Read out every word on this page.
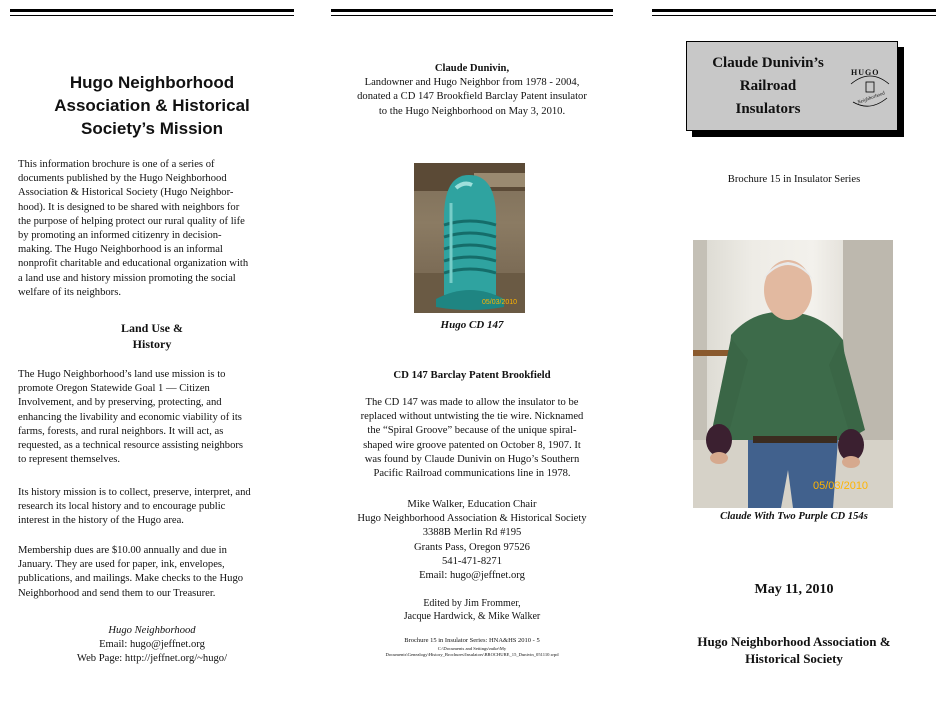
Hugo Neighborhood
Association & Historical
Society’s Mission

This information brochure is one of a series of

documents published by the Hugo Neighborhood

Association & Historical Society (Hugo Neighbor-

hood). It is designed to be shared with neighbors for

the purpose of helping protect our rural quality of life

by promoting an informed citizenry in decision-

making. The Hugo Neighborhood is an informal

nonprofit charitable and educational organization with

a land use and history mission promoting the social

welfare of its neighbors.

Land Use &
History

The Hugo Neighborhood’s land use mission is to

promote Oregon Statewide Goal 1 — Citizen

Involvement, and by preserving, protecting, and

enhancing the livability and economic viability of its

farms, forests, and rural neighbors. It will act, as

requested, as a technical resource assisting neighbors

to represent themselves.

Its history mission is to collect, preserve, interpret, and

research its local history and to encourage public

interest in the history of the Hugo area.

Membership dues are $10.00 annually and due in

January. They are used for paper, ink, envelopes,

publications, and mailings. Make checks to the Hugo

Neighborhood and send them to our Treasurer.

Hugo Neighborhood

Email: hugo@jeffnet.org

Web Page: http://jeffnet.org/~hugo/

Claude Dunivin,

Landowner and Hugo Neighbor from 1978 - 2004,

donated a CD 147 Brookfield Barclay Patent insulator

to the Hugo Neighborhood on May 3, 2010.

05/03/2010
Hugo CD 147
CD 147 Barclay Patent Brookfield

The CD 147 was made to allow the insulator to be

replaced without untwisting the tie wire. Nicknamed

the “Spiral Groove” because of the unique spiral-

shaped wire groove patented on October 8, 1907. It

was found by Claude Dunivin on Hugo’s Southern

Pacific Railroad communications line in 1978.

Mike Walker, Education Chair

Hugo Neighborhood Association & Historical Society

3388B Merlin Rd #195

Grants Pass, Oregon 97526

541-471-8271

Email: hugo@jeffnet.org

Edited by Jim Frommer,

Jacque Hardwick, & Mike Walker

Brochure 15 in Insulator Series: HNA&HS 2010 - 5

C:\Documents and Settings\mike\My

Documents\Genealogy\History_Brochures\Insulators\BROCHURE_15_Dunivin_051110.wpd

Claude Dunivin’s
Railroad
Insulators
HUGO
Neighborhood
Brochure 15 in Insulator Series
05/03/2010
Claude With Two Purple CD 154s
May 11, 2010
Hugo Neighborhood Association &
Historical Society
